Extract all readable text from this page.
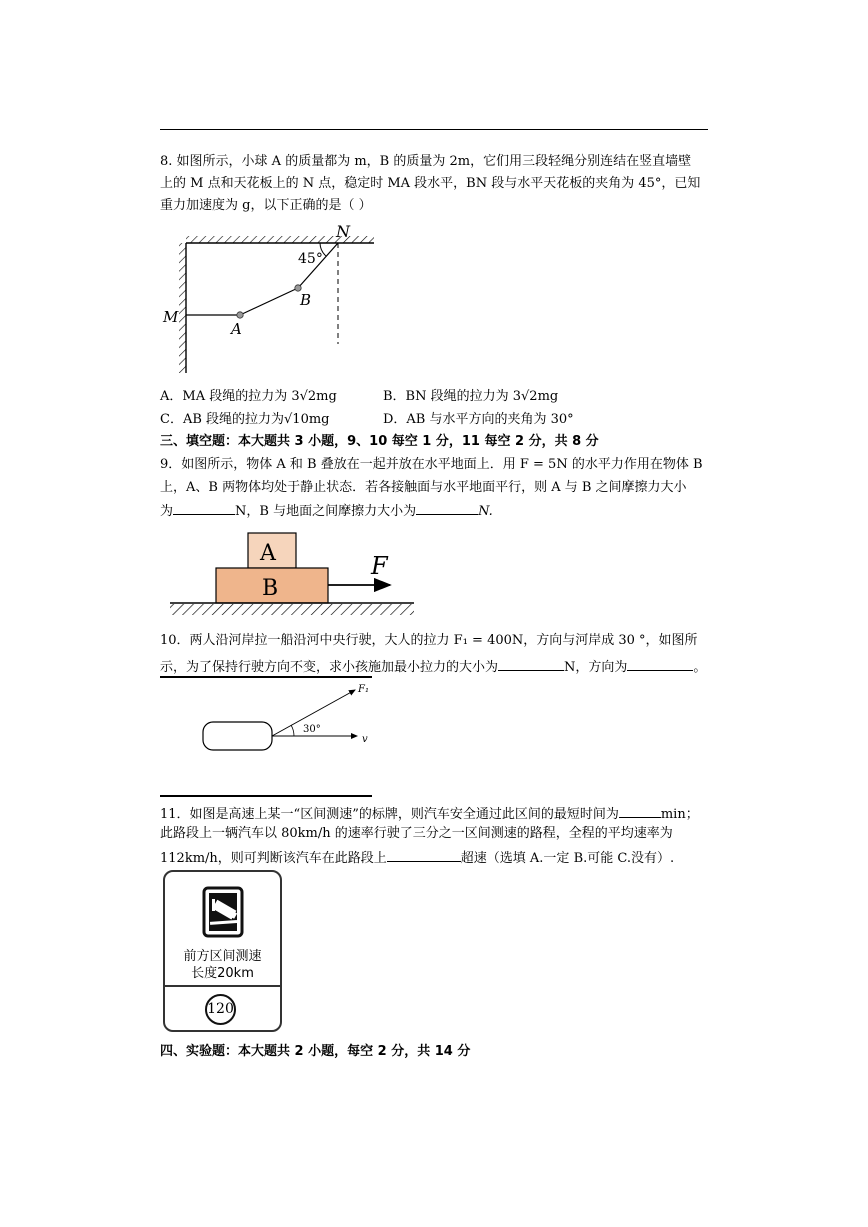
8. 如图所示，小球 A 的质量都为 m，B 的质量为 2m，它们用三段轻绳分别连结在竖直墙壁
上的 M 点和天花板上的 N 点，稳定时 MA 段水平，BN 段与水平天花板的夹角为 45°，已知
重力加速度为 g，以下正确的是（ ）
N
45°
B
A
M
A．MA 段绳的拉力为 3√2mg	B．BN 段绳的拉力为 3√2mg
C．AB 段绳的拉力为√10mg	D．AB 与水平方向的夹角为 30°
三、填空题：本大题共 3 小题，9、10 每空 1 分，11 每空 2 分，共 8 分
9．如图所示，物体 A 和 B 叠放在一起并放在水平地面上．用 F = 5N 的水平力作用在物体 B
上，A、B 两物体均处于静止状态．若各接触面与水平地面平行，则 A 与 B 之间摩擦力大小
为	N，B 与地面之间摩擦力大小为	N.
A
B
F
10．两人沿河岸拉一船沿河中央行驶，大人的拉力 F₁ = 400N，方向与河岸成 30 °，如图所
示，为了保持行驶方向不变，求小孩施加最小拉力的大小为	N，方向为	。
F₁
30°
v
11．如图是高速上某一“区间测速”的标牌，则汽车安全通过此区间的最短时间为	min；
此路段上一辆汽车以 80km/h 的速率行驶了三分之一区间测速的路程，全程的平均速率为
112km/h，则可判断该汽车在此路段上	超速（选填 A.一定 B.可能 C.没有）.
前方区间测速
长度20km
120
四、实验题：本大题共 2 小题，每空 2 分，共 14 分
